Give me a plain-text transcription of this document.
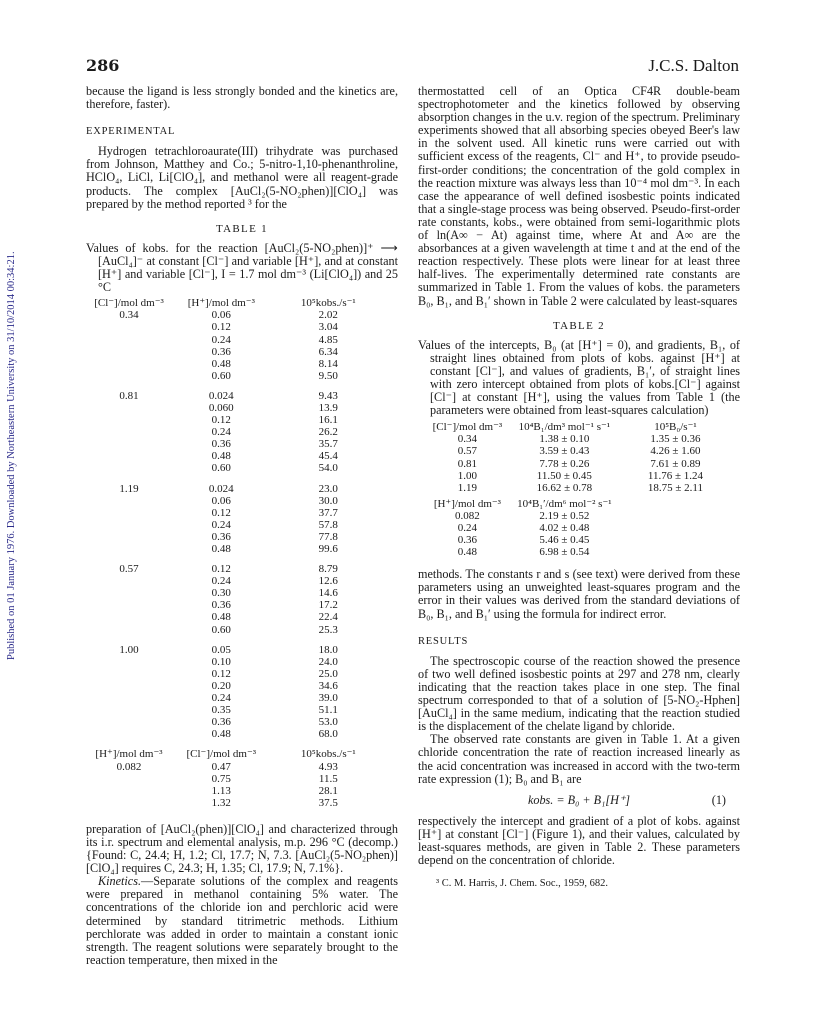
Published on 01 January 1976. Downloaded by Northeastern University on 31/10/2014 00:34:21.
286	J.C.S. Dalton

because the ligand is less strongly bonded and the kinetics are, therefore, faster).

EXPERIMENTAL

Hydrogen tetrachloroaurate(III) trihydrate was purchased from Johnson, Matthey and Co.; 5-nitro-1,10-phenanthroline, HClO₄, LiCl, Li[ClO₄], and methanol were all reagent-grade products. The complex [AuCl₂(5-NO₂phen)][ClO₄] was prepared by the method reported ³ for the

TABLE 1

Values of kobs. for the reaction [AuCl₂(5-NO₂phen)]⁺ ⟶ [AuCl₄]⁻ at constant [Cl⁻] and variable [H⁺], and at constant [H⁺] and variable [Cl⁻], I = 1.7 mol dm⁻³ (Li[ClO₄]) and 25 °C

[Cl⁻]/mol dm⁻³	[H⁺]/mol dm⁻³	10⁵kobs./s⁻¹
0.34	0.06	2.02
	0.12	3.04
	0.24	4.85
	0.36	6.34
	0.48	8.14
	0.60	9.50
0.81	0.024	9.43
	0.060	13.9
	0.12	16.1
	0.24	26.2
	0.36	35.7
	0.48	45.4
	0.60	54.0
1.19	0.024	23.0
	0.06	30.0
	0.12	37.7
	0.24	57.8
	0.36	77.8
	0.48	99.6
0.57	0.12	8.79
	0.24	12.6
	0.30	14.6
	0.36	17.2
	0.48	22.4
	0.60	25.3
1.00	0.05	18.0
	0.10	24.0
	0.12	25.0
	0.20	34.6
	0.24	39.0
	0.35	51.1
	0.36	53.0
	0.48	68.0
[H⁺]/mol dm⁻³	[Cl⁻]/mol dm⁻³	10⁵kobs./s⁻¹
0.082	0.47	4.93
	0.75	11.5
	1.13	28.1
	1.32	37.5

preparation of [AuCl₂(phen)][ClO₄] and characterized through its i.r. spectrum and elemental analysis, m.p. 296 °C (decomp.) {Found: C, 24.4; H, 1.2; Cl, 17.7; N, 7.3. [AuCl₂(5-NO₂phen)][ClO₄] requires C, 24.3; H, 1.35; Cl, 17.9; N, 7.1%}.

Kinetics.—Separate solutions of the complex and reagents were prepared in methanol containing 5% water. The concentrations of the chloride ion and perchloric acid were determined by standard titrimetric methods. Lithium perchlorate was added in order to maintain a constant ionic strength. The reagent solutions were separately brought to the reaction temperature, then mixed in the

thermostatted cell of an Optica CF4R double-beam spectrophotometer and the kinetics followed by observing absorption changes in the u.v. region of the spectrum. Preliminary experiments showed that all absorbing species obeyed Beer's law in the solvent used. All kinetic runs were carried out with sufficient excess of the reagents, Cl⁻ and H⁺, to provide pseudo-first-order conditions; the concentration of the gold complex in the reaction mixture was always less than 10⁻⁴ mol dm⁻³. In each case the appearance of well defined isosbestic points indicated that a single-stage process was being observed. Pseudo-first-order rate constants, kobs., were obtained from semi-logarithmic plots of ln(A∞ − At) against time, where At and A∞ are the absorbances at a given wavelength at time t and at the end of the reaction respectively. These plots were linear for at least three half-lives. The experimentally determined rate constants are summarized in Table 1. From the values of kobs. the parameters B₀, B₁, and B₁′ shown in Table 2 were calculated by least-squares

TABLE 2

Values of the intercepts, B₀ (at [H⁺] = 0), and gradients, B₁, of straight lines obtained from plots of kobs. against [H⁺] at constant [Cl⁻], and values of gradients, B₁′, of straight lines with zero intercept obtained from plots of kobs.[Cl⁻] against [Cl⁻] at constant [H⁺], using the values from Table 1 (the parameters were obtained from least-squares calculation)

[Cl⁻]/mol dm⁻³	10⁴B₁/dm³ mol⁻¹ s⁻¹	10⁵B₀/s⁻¹
0.34	1.38 ± 0.10	1.35 ± 0.36
0.57	3.59 ± 0.43	4.26 ± 1.60
0.81	7.78 ± 0.26	7.61 ± 0.89
1.00	11.50 ± 0.45	11.76 ± 1.24
1.19	16.62 ± 0.78	18.75 ± 2.11
[H⁺]/mol dm⁻³	10⁴B₁′/dm⁶ mol⁻² s⁻¹	
0.082	2.19 ± 0.52	
0.24	4.02 ± 0.48	
0.36	5.46 ± 0.45	
0.48	6.98 ± 0.54	

methods. The constants r and s (see text) were derived from these parameters using an unweighted least-squares program and the error in their values was derived from the standard deviations of B₀, B₁, and B₁′ using the formula for indirect error.

RESULTS

The spectroscopic course of the reaction showed the presence of two well defined isosbestic points at 297 and 278 nm, clearly indicating that the reaction takes place in one step. The final spectrum corresponded to that of a solution of [5-NO₂-Hphen][AuCl₄] in the same medium, indicating that the reaction studied is the displacement of the chelate ligand by chloride.

The observed rate constants are given in Table 1. At a given chloride concentration the rate of reaction increased linearly as the acid concentration was increased in accord with the two-term rate expression (1); B₀ and B₁ are

kobs. = B₀ + B₁[H⁺]	(1)

respectively the intercept and gradient of a plot of kobs. against [H⁺] at constant [Cl⁻] (Figure 1), and their values, calculated by least-squares methods, are given in Table 2. These parameters depend on the concentration of chloride.

³ C. M. Harris, J. Chem. Soc., 1959, 682.
